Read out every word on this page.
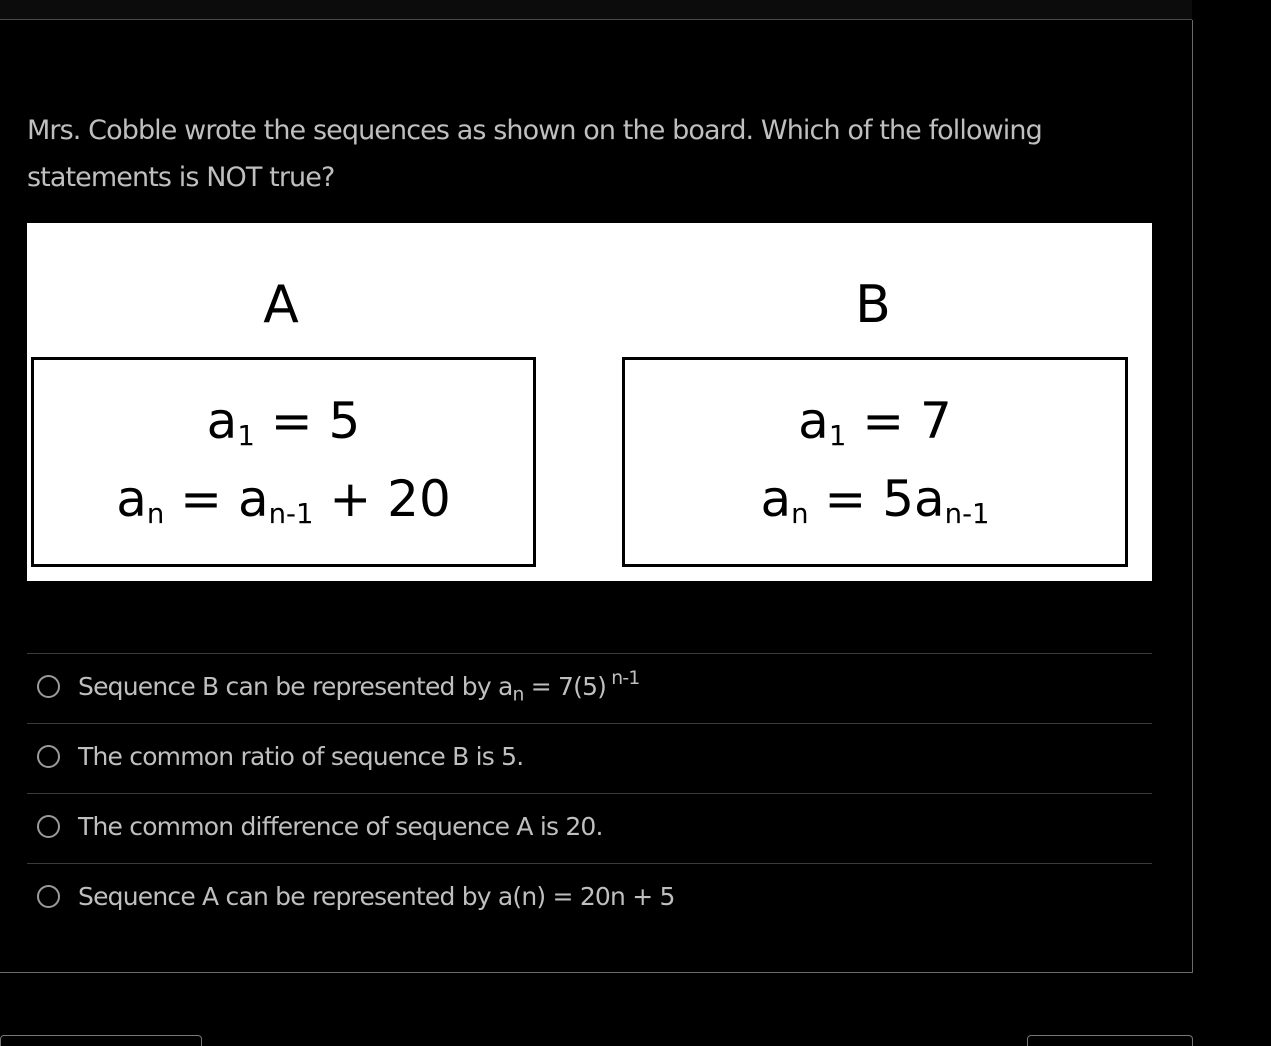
Mrs. Cobble wrote the sequences as shown on the board. Which of the following statements is NOT true?

A
$a_1 = 5$
$a_n = a_{n-1} + 20$
B
$a_1 = 7$
$a_n = 5a_{n-1}$
Sequence B can be represented by $a_n = 7(5)$ $^{n-1}$
The common ratio of sequence B is 5.
The common difference of sequence A is 20.
Sequence A can be represented by a(n) = 20n + 5
